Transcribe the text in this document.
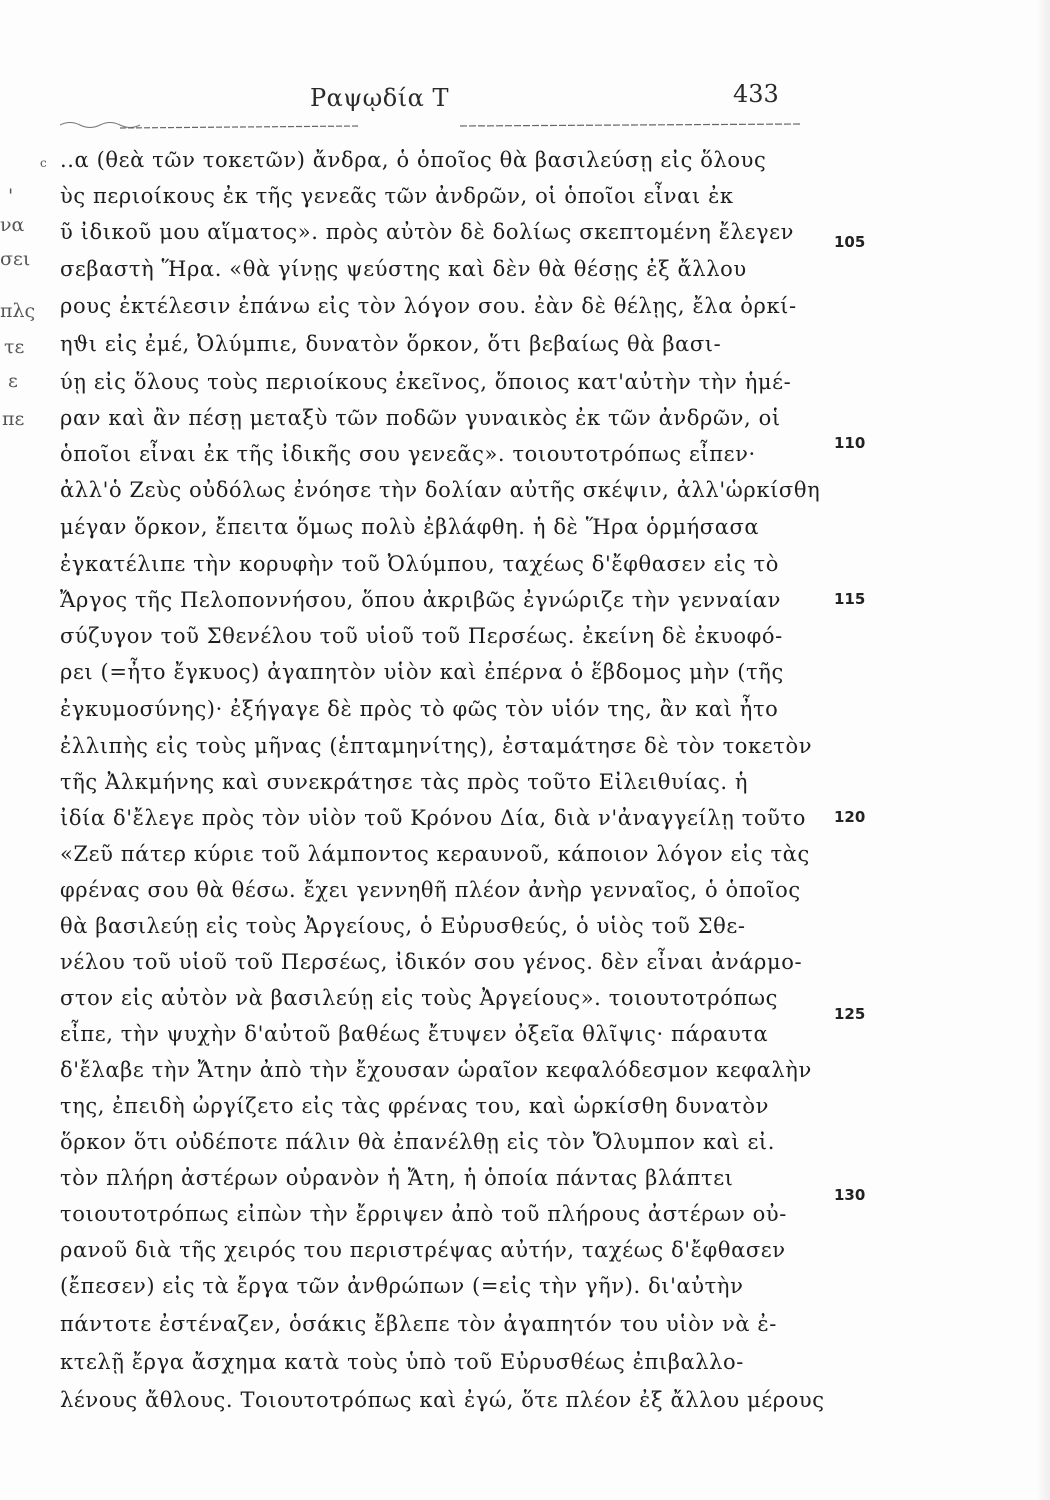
Ραψῳδία Τ	433
c
'
να
σει
πλς
τε
ε
πε
..α (θεὰ τῶν τοκετῶν) ἄνδρα, ὁ ὁποῖος θὰ βασιλεύσῃ εἰς ὅλους
ὺς περιοίκους ἐκ τῆς γενεᾶς τῶν ἀνδρῶν, οἱ ὁποῖοι εἶναι ἐκ
ῦ ἰδικοῦ μου αἵματος». πρὸς αὐτὸν δὲ δολίως σκεπτομένη ἔλεγεν
σεβαστὴ Ἥρα. «θὰ γίνῃς ψεύστης καὶ δὲν θὰ θέσῃς ἐξ ἄλλου
ρους ἐκτέλεσιν ἐπάνω εἰς τὸν λόγον σου. ἐὰν δὲ θέλῃς, ἔλα ὀρκί-
ηϑι εἰς ἐμέ, Ὀλύμπιε, δυνατὸν ὅρκον, ὅτι βεβαίως θὰ βασι-
ύῃ εἰς ὅλους τοὺς περιοίκους ἐκεῖνος, ὅποιος κατ'αὐτὴν τὴν ἡμέ-
ραν καὶ ἂν πέσῃ μεταξὺ τῶν ποδῶν γυναικὸς ἐκ τῶν ἀνδρῶν, οἱ
ὁποῖοι εἶναι ἐκ τῆς ἰδικῆς σου γενεᾶς». τοιουτοτρόπως εἶπεν·
ἀλλ'ὁ Ζεὺς οὐδόλως ἐνόησε τὴν δολίαν αὐτῆς σκέψιν, ἀλλ'ὡρκίσθη
μέγαν ὅρκον, ἔπειτα ὅμως πολὺ ἐβλάφθη. ἡ δὲ Ἥρα ὁρμήσασα
ἐγκατέλιπε τὴν κορυφὴν τοῦ Ὀλύμπου, ταχέως δ'ἔφθασεν εἰς τὸ
Ἄργος τῆς Πελοποννήσου, ὅπου ἀκριβῶς ἐγνώριζε τὴν γενναίαν
σύζυγον τοῦ Σθενέλου τοῦ υἱοῦ τοῦ Περσέως. ἐκείνη δὲ ἐκυοφό-
ρει (=ἦτο ἔγκυος) ἀγαπητὸν υἱὸν καὶ ἐπέρνα ὁ ἕβδομος μὴν (τῆς
ἐγκυμοσύνης)· ἐξήγαγε δὲ πρὸς τὸ φῶς τὸν υἱόν της, ἂν καὶ ἦτο
ἐλλιπὴς εἰς τοὺς μῆνας (ἑπταμηνίτης), ἐσταμάτησε δὲ τὸν τοκετὸν
τῆς Ἀλκμήνης καὶ συνεκράτησε τὰς πρὸς τοῦτο Εἰλειθυίας. ἡ
ἰδία δ'ἔλεγε πρὸς τὸν υἱὸν τοῦ Κρόνου Δία, διὰ ν'ἀναγγείλῃ τοῦτο
«Ζεῦ πάτερ κύριε τοῦ λάμποντος κεραυνοῦ, κάποιον λόγον εἰς τὰς
φρένας σου θὰ θέσω. ἔχει γεννηθῆ πλέον ἀνὴρ γενναῖος, ὁ ὁποῖος
θὰ βασιλεύῃ εἰς τοὺς Ἀργείους, ὁ Εὐρυσθεύς, ὁ υἱὸς τοῦ Σθε-
νέλου τοῦ υἱοῦ τοῦ Περσέως, ἰδικόν σου γένος. δὲν εἶναι ἀνάρμο-
στον εἰς αὐτὸν νὰ βασιλεύῃ εἰς τοὺς Ἀργείους». τοιουτοτρόπως
εἶπε, τὴν ψυχὴν δ'αὐτοῦ βαθέως ἔτυψεν ὀξεῖα θλῖψις· πάραυτα
δ'ἔλαβε τὴν Ἄτην ἀπὸ τὴν ἔχουσαν ὡραῖον κεφαλόδεσμον κεφαλὴν
της, ἐπειδὴ ὠργίζετο εἰς τὰς φρένας του, καὶ ὡρκίσθη δυνατὸν
ὅρκον ὅτι οὐδέποτε πάλιν θὰ ἐπανέλθῃ εἰς τὸν Ὄλυμπον καὶ εἰ.
τὸν πλήρη ἀστέρων οὐρανὸν ἡ Ἄτη, ἡ ὁποία πάντας βλάπτει
τοιουτοτρόπως εἰπὼν τὴν ἔρριψεν ἀπὸ τοῦ πλήρους ἀστέρων οὐ-
ρανοῦ διὰ τῆς χειρός του περιστρέψας αὐτήν, ταχέως δ'ἔφθασεν
(ἔπεσεν) εἰς τὰ ἔργα τῶν ἀνθρώπων (=εἰς τὴν γῆν). δι'αὐτὴν
πάντοτε ἐστέναζεν, ὁσάκις ἔβλεπε τὸν ἀγαπητόν του υἱὸν νὰ ἐ-
κτελῇ ἔργα ἄσχημα κατὰ τοὺς ὑπὸ τοῦ Εὐρυσθέως ἐπιβαλλο-
λένους ἄθλους. Τοιουτοτρόπως καὶ ἐγώ, ὅτε πλέον ἐξ ἄλλου μέρους
105
110
115
120
125
130
